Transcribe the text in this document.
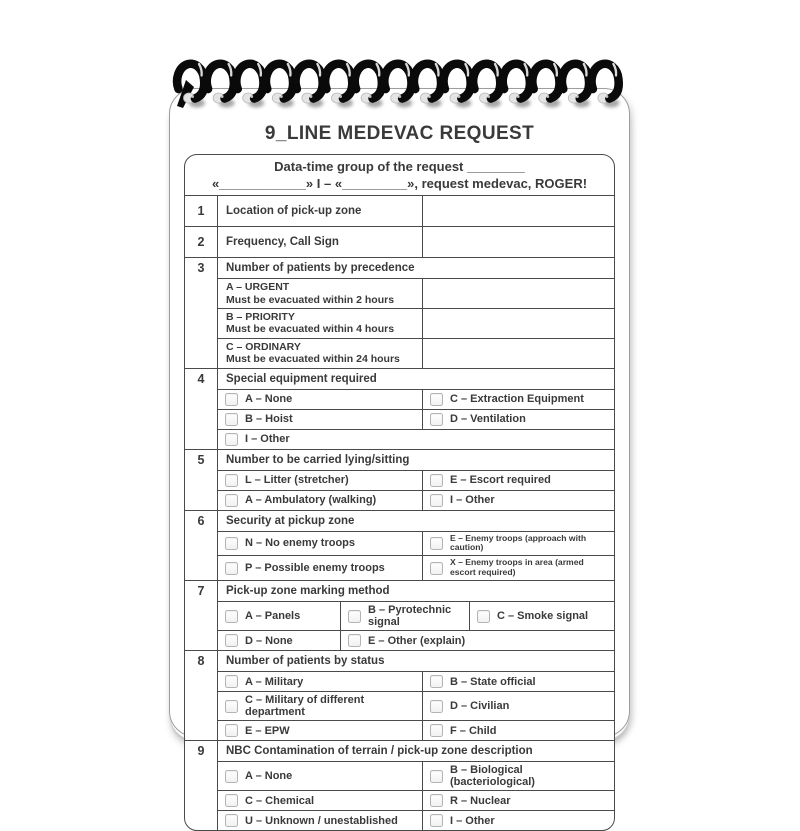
9_LINE MEDEVAC REQUEST
Data-time group of the request ________
«____________» I – «_________», request medevac, ROGER!
1	Location of pick-up zone
2	Frequency, Call Sign
3	Number of patients by precedence
A – URGENT
Must be evacuated within 2 hours
B – PRIORITY
Must be evacuated within 4 hours
C – ORDINARY
Must be evacuated within 24 hours
4	Special equipment required
A – None	C – Extraction Equipment
B – Hoist	D – Ventilation
I – Other
5	Number to be carried lying/sitting
L – Litter (stretcher)	E – Escort required
A – Ambulatory (walking)	I – Other
6	Security at pickup zone
N – No enemy troops	E – Enemy troops (approach with caution)
P – Possible enemy troops	X – Enemy troops in area (armed escort required)
7	Pick-up zone marking method
A – Panels	B – Pyrotechnic signal	C – Smoke signal
D – None	E – Other (explain)
8	Number of patients by status
A – Military	B – State official
C – Military of different department	D – Civilian
E – EPW	F – Child
9	NBC Contamination of terrain / pick-up zone description
A – None	B – Biological (bacteriological)
C – Chemical	R – Nuclear
U – Unknown / unestablished	I – Other
